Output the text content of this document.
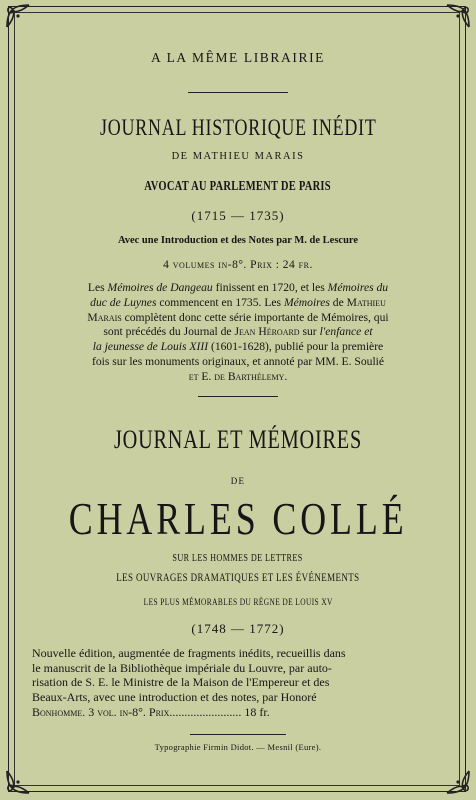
A LA MÊME LIBRAIRIE
JOURNAL HISTORIQUE INÉDIT
DE MATHIEU MARAIS
AVOCAT AU PARLEMENT DE PARIS
(1715 — 1735)
Avec une Introduction et des Notes par M. de Lescure
4 volumes in-8°. Prix : 24 fr.

Les Mémoires de Dangeau finissent en 1720, et les Mémoires du

duc de Luynes commencent en 1735. Les Mémoires de Mathieu

Marais complètent donc cette série importante de Mémoires, qui

sont précédés du Journal de Jean Héroard sur l'enfance et

la jeunesse de Louis XIII (1601-1628), publié pour la première

fois sur les monuments originaux, et annoté par MM. E. Soulié

et E. de Barthélemy.

JOURNAL ET MÉMOIRES
DE
CHARLES COLLÉ
SUR LES HOMMES DE LETTRES
LES OUVRAGES DRAMATIQUES ET LES ÉVÉNEMENTS
LES PLUS MÉMORABLES DU RÈGNE DE LOUIS XV
(1748 — 1772)
Nouvelle édition, augmentée de fragments inédits, recueillis dans
le manuscrit de la Bibliothèque impériale du Louvre, par auto-
risation de S. E. le Ministre de la Maison de l'Empereur et des
Beaux-Arts, avec une introduction et des notes, par Honoré
Bonhomme. 3 vol. in-8°. Prix........................ 18 fr.
Typographie Firmin Didot. — Mesnil (Eure).
